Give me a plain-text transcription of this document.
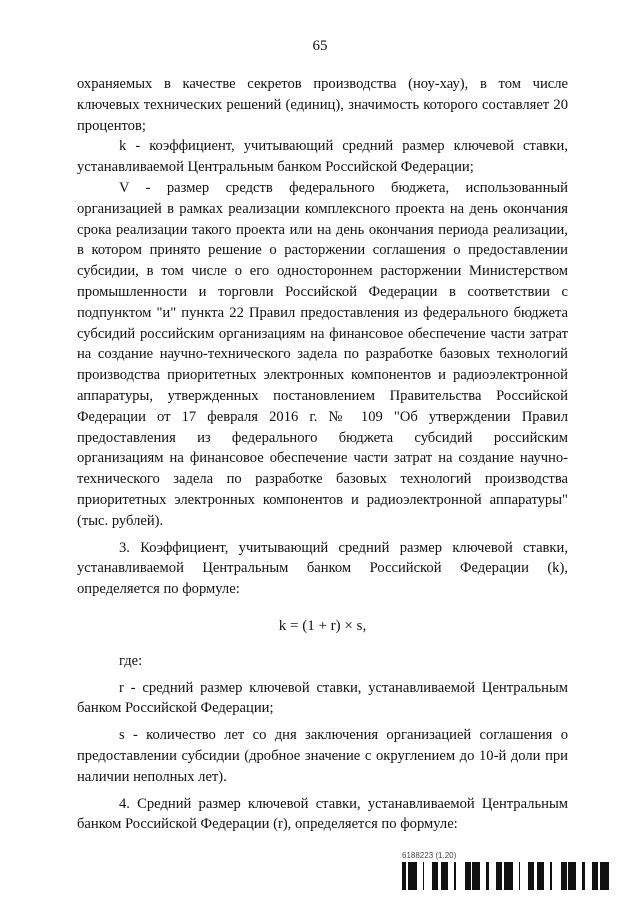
65

охраняемых в качестве секретов производства (ноу-хау), в том числе ключевых технических решений (единиц), значимость которого составляет 20 процентов;

k - коэффициент, учитывающий средний размер ключевой ставки, устанавливаемой Центральным банком Российской Федерации;

V - размер средств федерального бюджета, использованный организацией в рамках реализации комплексного проекта на день окончания срока реализации такого проекта или на день окончания периода реализации, в котором принято решение о расторжении соглашения о предоставлении субсидии, в том числе о его одностороннем расторжении Министерством промышленности и торговли Российской Федерации в соответствии с подпунктом "и" пункта 22 Правил предоставления из федерального бюджета субсидий российским организациям на финансовое обеспечение части затрат на создание научно-технического задела по разработке базовых технологий производства приоритетных электронных компонентов и радиоэлектронной аппаратуры, утвержденных постановлением Правительства Российской Федерации от 17 февраля 2016 г. № 109 "Об утверждении Правил предоставления из федерального бюджета субсидий российским организациям на финансовое обеспечение части затрат на создание научно-технического задела по разработке базовых технологий производства приоритетных электронных компонентов и радиоэлектронной аппаратуры" (тыс. рублей).

3. Коэффициент, учитывающий средний размер ключевой ставки, устанавливаемой Центральным банком Российской Федерации (k), определяется по формуле:

k = (1 + r) × s,

где:

r - средний размер ключевой ставки, устанавливаемой Центральным банком Российской Федерации;

s - количество лет со дня заключения организацией соглашения о предоставлении субсидии (дробное значение с округлением до 10-й доли при наличии неполных лет).

4. Средний размер ключевой ставки, устанавливаемой Центральным банком Российской Федерации (r), определяется по формуле:

6188223 (1.20)
